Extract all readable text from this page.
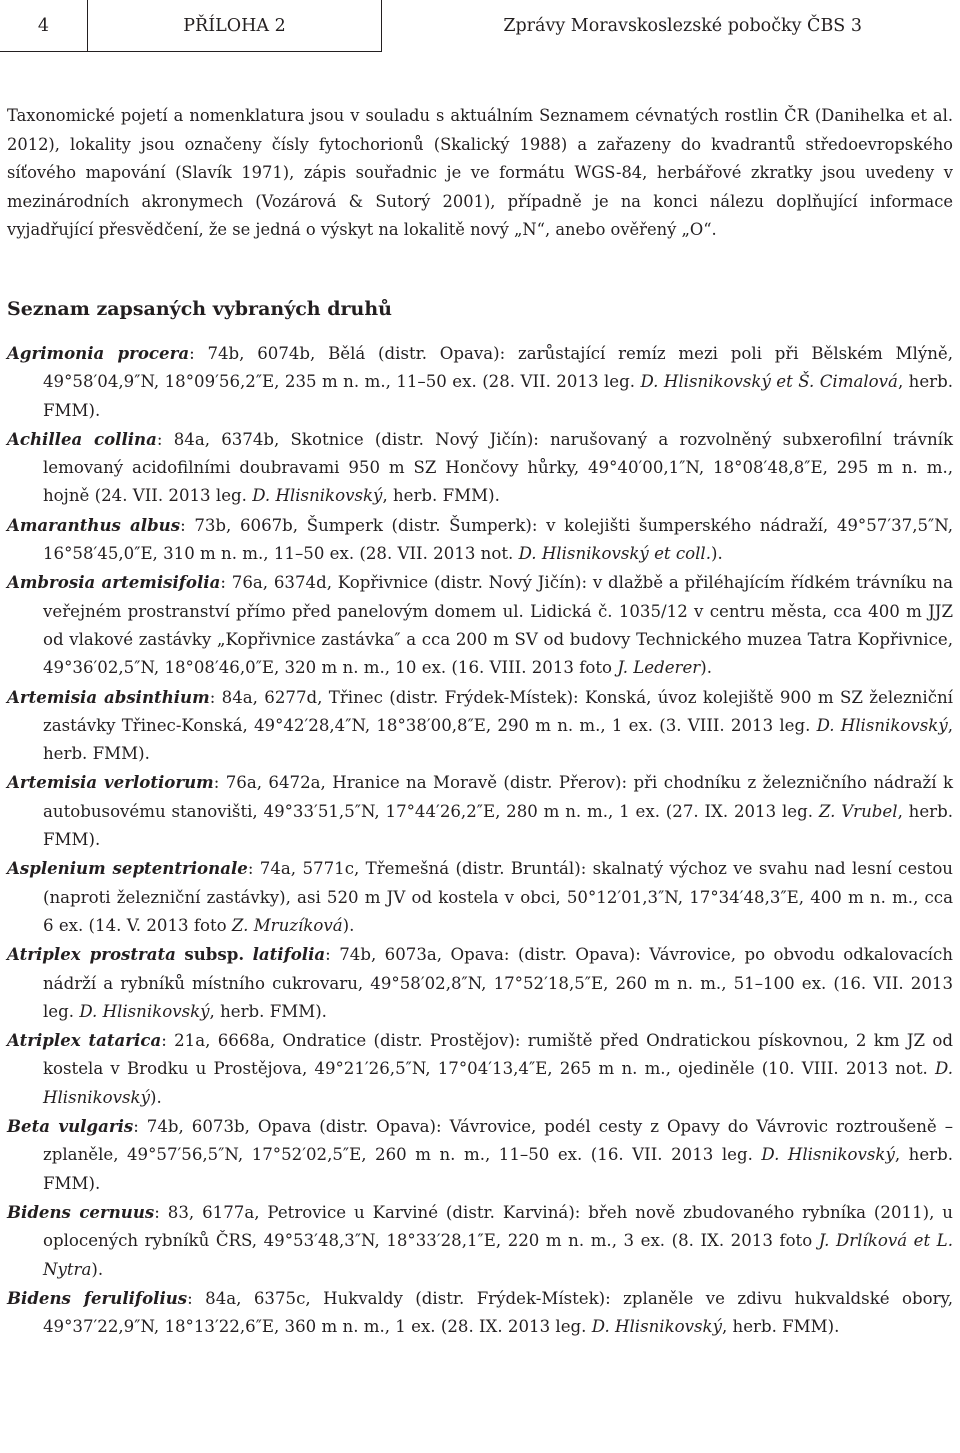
4	PŘÍLOHA 2	Zprávy Moravskoslezské pobočky ČBS 3

Taxonomické pojetí a nomenklatura jsou v souladu s aktuálním Seznamem cévnatých rostlin ČR (Danihelka et al. 2012), lokality jsou označeny čísly fytochorionů (Skalický 1988) a zařazeny do kvadrantů středoevropského síťového mapování (Slavík 1971), zápis souřadnic je ve formátu WGS-84, herbářové zkratky jsou uvedeny v mezinárodních akronymech (Vozárová & Sutorý 2001), případně je na konci nálezu doplňující informace vyjadřující přesvědčení, že se jedná o výskyt na lokalitě nový „N“, anebo ověřený „O“.

Seznam zapsaných vybraných druhů

Agrimonia procera: 74b, 6074b, Bělá (distr. Opava): zarůstající remíz mezi poli při Bělském Mlýně, 49°58′04,9″N, 18°09′56,2″E, 235 m n. m., 11–50 ex. (28. VII. 2013 leg. D. Hlisnikovský et Š. Cimalová, herb. FMM).

Achillea collina: 84a, 6374b, Skotnice (distr. Nový Jičín): narušovaný a rozvolněný subxerofilní trávník lemovaný acidofilními doubravami 950 m SZ Hončovy hůrky, 49°40′00,1″N, 18°08′48,8″E, 295 m n. m., hojně (24. VII. 2013 leg. D. Hlisnikovský, herb. FMM).

Amaranthus albus: 73b, 6067b, Šumperk (distr. Šumperk): v kolejišti šumperského nádraží, 49°57′37,5″N, 16°58′45,0″E, 310 m n. m., 11–50 ex. (28. VII. 2013 not. D. Hlisnikovský et coll.).

Ambrosia artemisifolia: 76a, 6374d, Kopřivnice (distr. Nový Jičín): v dlažbě a přiléhajícím řídkém trávníku na veřejném prostranství přímo před panelovým domem ul. Lidická č. 1035/12 v centru města, cca 400 m JJZ od vlakové zastávky „Kopřivnice zastávka″ a cca 200 m SV od budovy Technického muzea Tatra Kopřivnice, 49°36′02,5″N, 18°08′46,0″E, 320 m n. m., 10 ex. (16. VIII. 2013 foto J. Lederer).

Artemisia absinthium: 84a, 6277d, Třinec (distr. Frýdek-Místek): Konská, úvoz kolejiště 900 m SZ železniční zastávky Třinec-Konská, 49°42′28,4″N, 18°38′00,8″E, 290 m n. m., 1 ex. (3. VIII. 2013 leg. D. Hlisnikovský, herb. FMM).

Artemisia verlotiorum: 76a, 6472a, Hranice na Moravě (distr. Přerov): při chodníku z železničního nádraží k autobusovému stanovišti, 49°33′51,5″N, 17°44′26,2″E, 280 m n. m., 1 ex. (27. IX. 2013 leg. Z. Vrubel, herb. FMM).

Asplenium septentrionale: 74a, 5771c, Třemešná (distr. Bruntál): skalnatý výchoz ve svahu nad lesní cestou (naproti železniční zastávky), asi 520 m JV od kostela v obci, 50°12′01,3″N, 17°34′48,3″E, 400 m n. m., cca 6 ex. (14. V. 2013 foto Z. Mruzíková).

Atriplex prostrata subsp. latifolia: 74b, 6073a, Opava: (distr. Opava): Vávrovice, po obvodu odkalovacích nádrží a rybníků místního cukrovaru, 49°58′02,8″N, 17°52′18,5″E, 260 m n. m., 51–100 ex. (16. VII. 2013 leg. D. Hlisnikovský, herb. FMM).

Atriplex tatarica: 21a, 6668a, Ondratice (distr. Prostějov): rumiště před Ondratickou pískovnou, 2 km JZ od kostela v Brodku u Prostějova, 49°21′26,5″N, 17°04′13,4″E, 265 m n. m., ojediněle (10. VIII. 2013 not. D. Hlisnikovský).

Beta vulgaris: 74b, 6073b, Opava (distr. Opava): Vávrovice, podél cesty z Opavy do Vávrovic roztroušeně – zplaněle, 49°57′56,5″N, 17°52′02,5″E, 260 m n. m., 11–50 ex. (16. VII. 2013 leg. D. Hlisnikovský, herb. FMM).

Bidens cernuus: 83, 6177a, Petrovice u Karviné (distr. Karviná): břeh nově zbudovaného rybníka (2011), u oplocených rybníků ČRS, 49°53′48,3″N, 18°33′28,1″E, 220 m n. m., 3 ex. (8. IX. 2013 foto J. Drlíková et L. Nytra).

Bidens ferulifolius: 84a, 6375c, Hukvaldy (distr. Frýdek-Místek): zplaněle ve zdivu hukvaldské obory, 49°37′22,9″N, 18°13′22,6″E, 360 m n. m., 1 ex. (28. IX. 2013 leg. D. Hlisnikovský, herb. FMM).
